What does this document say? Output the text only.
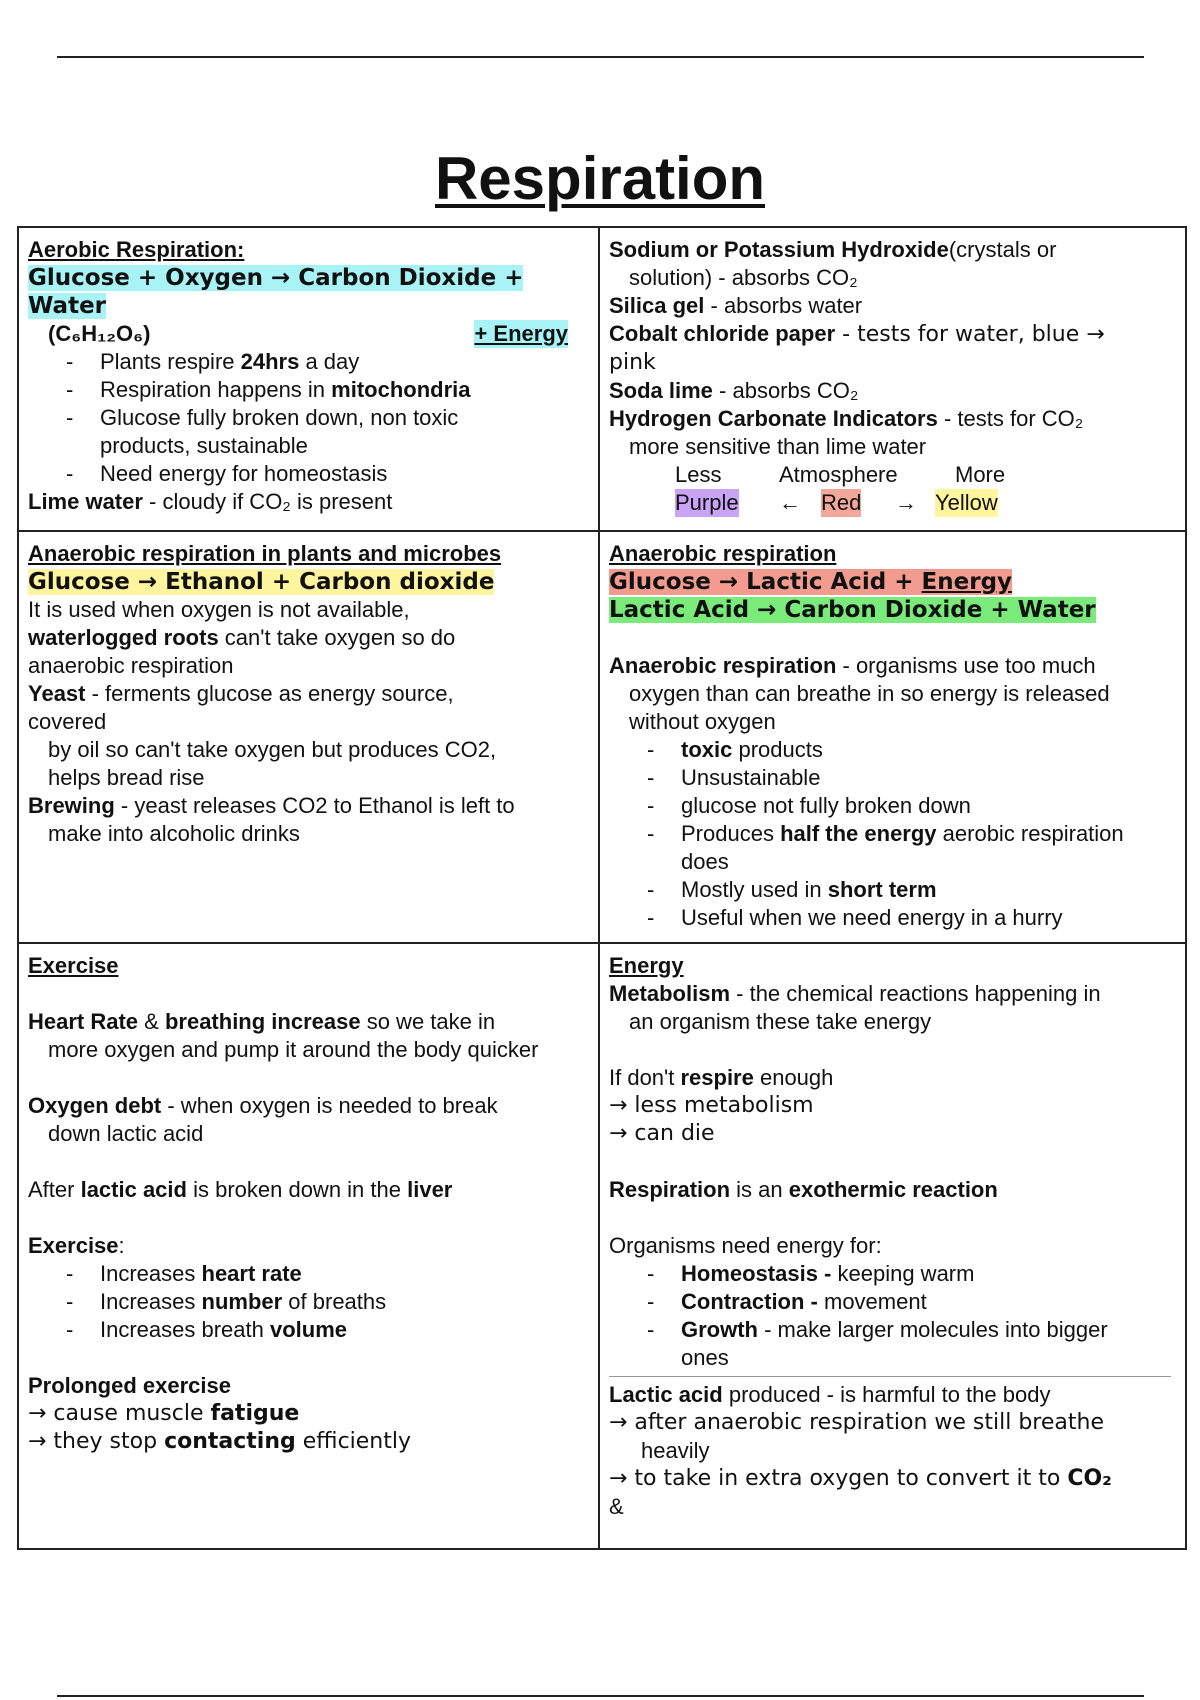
Respiration
Aerobic Respiration:
Glucose + Oxygen → Carbon Dioxide +
Water
(C₆H₁₂O₆)	+ Energy
- Plants respire 24hrs a day
- Respiration happens in mitochondria
- Glucose fully broken down, non toxic
products, sustainable
- Need energy for homeostasis
Lime water - cloudy if CO₂ is present
Sodium or Potassium Hydroxide(crystals or
solution) - absorbs CO₂
Silica gel - absorbs water
Cobalt chloride paper - tests for water, blue →
pink
Soda lime - absorbs CO₂
Hydrogen Carbonate Indicators - tests for CO₂
more sensitive than lime water
Less	Atmosphere	More
Purple	← Red	→ Yellow
Anaerobic respiration in plants and microbes
Glucose → Ethanol + Carbon dioxide
It is used when oxygen is not available,
waterlogged roots can't take oxygen so do
anaerobic respiration
Yeast - ferments glucose as energy source,
covered
by oil so can't take oxygen but produces CO2,
helps bread rise
Brewing - yeast releases CO2 to Ethanol is left to
make into alcoholic drinks
Anaerobic respiration
Glucose → Lactic Acid + Energy
Lactic Acid → Carbon Dioxide + Water
Anaerobic respiration - organisms use too much
oxygen than can breathe in so energy is released
without oxygen
- toxic products
- Unsustainable
- glucose not fully broken down
- Produces half the energy aerobic respiration
does
- Mostly used in short term
- Useful when we need energy in a hurry
Exercise
Heart Rate & breathing increase so we take in
more oxygen and pump it around the body quicker
Oxygen debt - when oxygen is needed to break
down lactic acid
After lactic acid is broken down in the liver
Exercise:
- Increases heart rate
- Increases number of breaths
- Increases breath volume
Prolonged exercise
→ cause muscle fatigue
→ they stop contacting efficiently
Energy
Metabolism - the chemical reactions happening in
an organism these take energy
If don't respire enough
→ less metabolism
→ can die
Respiration is an exothermic reaction
Organisms need energy for:
- Homeostasis - keeping warm
- Contraction - movement
- Growth - make larger molecules into bigger
ones
Lactic acid produced - is harmful to the body
→ after anaerobic respiration we still breathe
heavily
→ to take in extra oxygen to convert it to CO₂
&
